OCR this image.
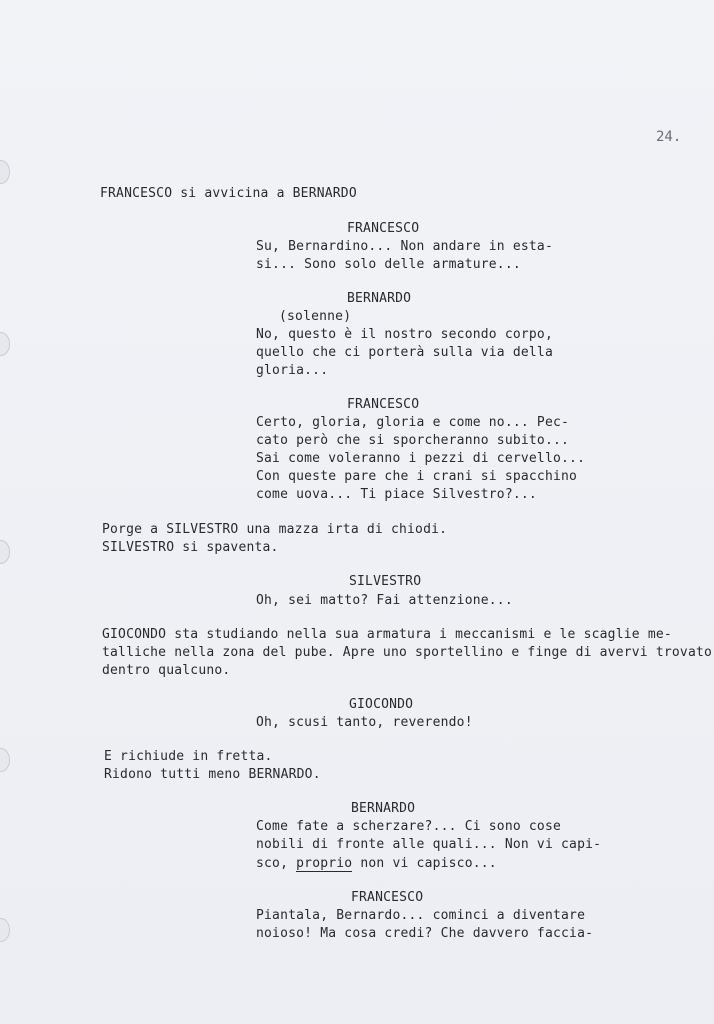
24.
FRANCESCO si avvicina a BERNARDO
FRANCESCO
Su, Bernardino... Non andare in esta-
si... Sono solo delle armature...
BERNARDO
(solenne)
No, questo è il nostro secondo corpo,
quello che ci porterà sulla via della
gloria...
FRANCESCO
Certo, gloria, gloria e come no... Pec-
cato però che si sporcheranno subito...
Sai come voleranno i pezzi di cervello...
Con queste pare che i crani si spacchino
come uova... Ti piace Silvestro?...
Porge a SILVESTRO una mazza irta di chiodi.
SILVESTRO si spaventa.
SILVESTRO
Oh, sei matto? Fai attenzione...
GIOCONDO sta studiando nella sua armatura i meccanismi e le scaglie me-
talliche nella zona del pube. Apre uno sportellino e finge di avervi trovato
dentro qualcuno.
GIOCONDO
Oh, scusi tanto, reverendo!
E richiude in fretta.
Ridono tutti meno BERNARDO.
BERNARDO
Come fate a scherzare?... Ci sono cose
nobili di fronte alle quali... Non vi capi-
sco, proprio non vi capisco...
FRANCESCO
Piantala, Bernardo... cominci a diventare
noioso! Ma cosa credi? Che davvero faccia-
